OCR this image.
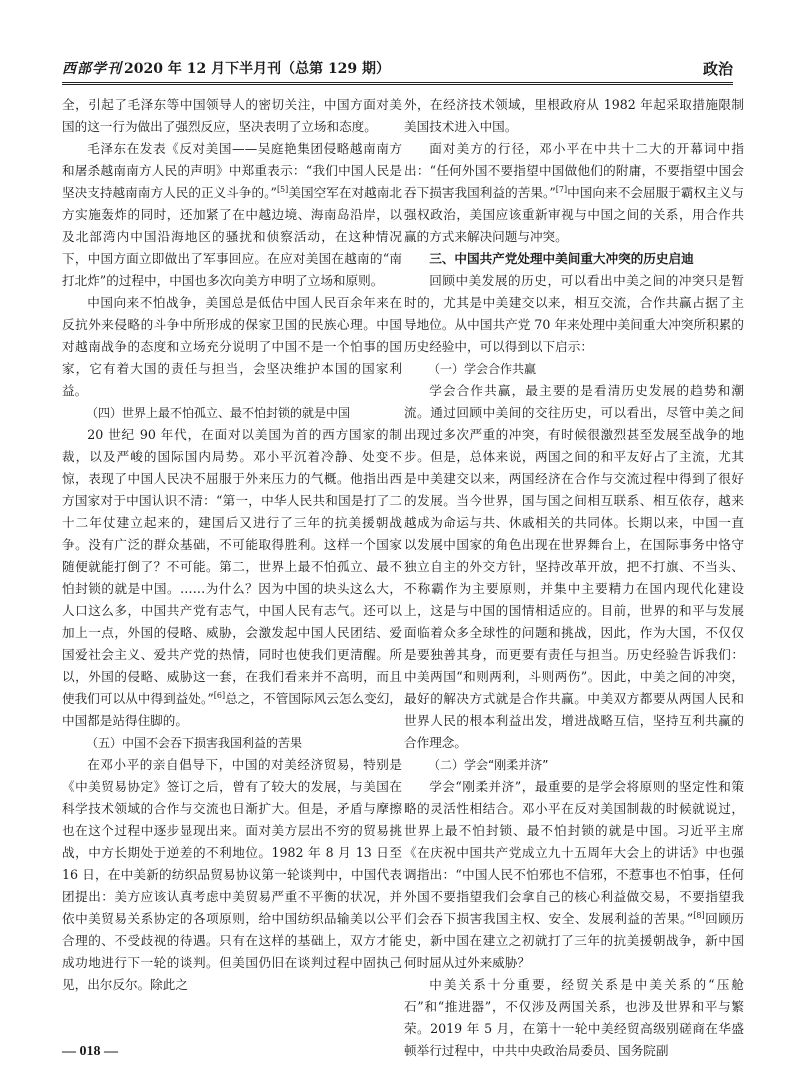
西部学刊 2020 年 12 月下半月刊（总第 129 期）	政治

全，引起了毛泽东等中国领导人的密切关注，中国方面对美国的这一行为做出了强烈反应，坚决表明了立场和态度。

毛泽东在发表《反对美国——吴庭艳集团侵略越南南方和屠杀越南南方人民的声明》中郑重表示：“我们中国人民是坚决支持越南南方人民的正义斗争的。”[5]美国空军在对越南北方实施轰炸的同时，还加紧了在中越边境、海南岛沿岸，以及北部湾内中国沿海地区的骚扰和侦察活动，在这种情况下，中国方面立即做出了军事回应。在应对美国在越南的“南打北炸”的过程中，中国也多次向美方申明了立场和原则。

中国向来不怕战争，美国总是低估中国人民百余年来在反抗外来侵略的斗争中所形成的保家卫国的民族心理。中国对越南战争的态度和立场充分说明了中国不是一个怕事的国家，它有着大国的责任与担当，会坚决维护本国的国家利益。

（四）世界上最不怕孤立、最不怕封锁的就是中国

20 世纪 90 年代，在面对以美国为首的西方国家的制裁，以及严峻的国际国内局势。邓小平沉着冷静、处变不惊，表现了中国人民决不屈服于外来压力的气概。他指出西方国家对于中国认识不清：“第一，中华人民共和国是打了二十二年仗建立起来的，建国后又进行了三年的抗美援朝战争。没有广泛的群众基础，不可能取得胜利。这样一个国家随便就能打倒了？不可能。第二，世界上最不怕孤立、最不怕封锁的就是中国。……为什么？因为中国的块头这么大，人口这么多，中国共产党有志气，中国人民有志气。还可以加上一点，外国的侵略、威胁，会激发起中国人民团结、爱国爱社会主义、爱共产党的热情，同时也使我们更清醒。所以，外国的侵略、威胁这一套，在我们看来并不高明，而且使我们可以从中得到益处。”[6]总之，不管国际风云怎么变幻，中国都是站得住脚的。

（五）中国不会吞下损害我国利益的苦果

在邓小平的亲自倡导下，中国的对美经济贸易，特别是《中美贸易协定》签订之后，曾有了较大的发展，与美国在科学技术领域的合作与交流也日渐扩大。但是，矛盾与摩擦也在这个过程中逐步显现出来。面对美方层出不穷的贸易挑战，中方长期处于逆差的不利地位。1982 年 8 月 13 日至 16 日，在中美新的纺织品贸易协议第一轮谈判中，中国代表团提出：美方应该认真考虑中美贸易严重不平衡的状况，并依中美贸易关系协定的各项原则，给中国纺织品输美以公平合理的、不受歧视的待遇。只有在这样的基础上，双方才能成功地进行下一轮的谈判。但美国仍旧在谈判过程中固执己见，出尔反尔。除此之

外，在经济技术领域，里根政府从 1982 年起采取措施限制美国技术进入中国。

面对美方的行径，邓小平在中共十二大的开幕词中指出：“任何外国不要指望中国做他们的附庸，不要指望中国会吞下损害我国利益的苦果。”[7]中国向来不会屈服于霸权主义与强权政治，美国应该重新审视与中国之间的关系，用合作共赢的方式来解决问题与冲突。

三、中国共产党处理中美间重大冲突的历史启迪

回顾中美发展的历史，可以看出中美之间的冲突只是暂时的，尤其是中美建交以来，相互交流，合作共赢占据了主导地位。从中国共产党 70 年来处理中美间重大冲突所积累的历史经验中，可以得到以下启示：

（一）学会合作共赢

学会合作共赢，最主要的是看清历史发展的趋势和潮流。通过回顾中美间的交往历史，可以看出，尽管中美之间出现过多次严重的冲突，有时候很激烈甚至发展至战争的地步。但是，总体来说，两国之间的和平友好占了主流，尤其是中美建交以来，两国经济在合作与交流过程中得到了很好的发展。当今世界，国与国之间相互联系、相互依存，越来越成为命运与共、休戚相关的共同体。长期以来，中国一直以发展中国家的角色出现在世界舞台上，在国际事务中恪守独立自主的外交方针，坚持改革开放，把不打旗、不当头、不称霸作为主要原则，并集中主要精力在国内现代化建设上，这是与中国的国情相适应的。目前，世界的和平与发展面临着众多全球性的问题和挑战，因此，作为大国，不仅仅是要独善其身，而更要有责任与担当。历史经验告诉我们：中美两国“和则两利，斗则两伤”。因此，中美之间的冲突，最好的解决方式就是合作共赢。中美双方都要从两国人民和世界人民的根本利益出发，增进战略互信，坚持互利共赢的合作理念。

（二）学会“刚柔并济”

学会“刚柔并济”，最重要的是学会将原则的坚定性和策略的灵活性相结合。邓小平在反对美国制裁的时候就说过，世界上最不怕封锁、最不怕封锁的就是中国。习近平主席《在庆祝中国共产党成立九十五周年大会上的讲话》中也强调指出：“中国人民不怕邪也不信邪，不惹事也不怕事，任何外国不要指望我们会拿自己的核心利益做交易，不要指望我们会吞下损害我国主权、安全、发展利益的苦果。”[8]回顾历史，新中国在建立之初就打了三年的抗美援朝战争，新中国何时屈从过外来威胁？

中美关系十分重要，经贸关系是中美关系的“压舱石”和“推进器”，不仅涉及两国关系，也涉及世界和平与繁荣。2019 年 5 月，在第十一轮中美经贸高级别磋商在华盛顿举行过程中，中共中央政治局委员、国务院副

— 018 —
